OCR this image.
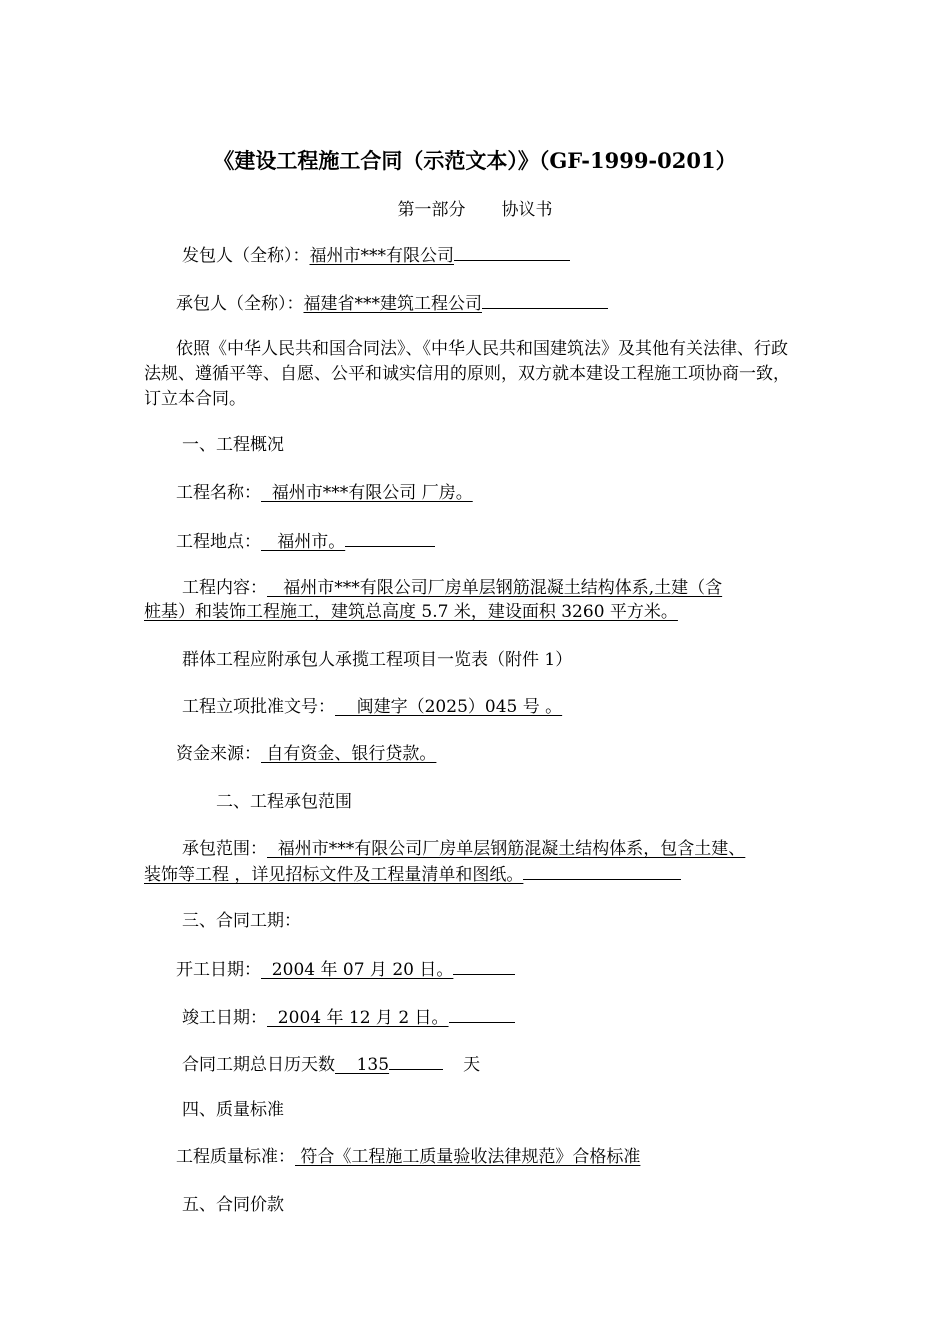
《建设工程施工合同（示范文本）》（GF-1999-0201）
第一部分 协议书
发包人（全称）：福州市***有限公司
承包人（全称）：福建省***建筑工程公司
依照《中华人民共和国合同法》、《中华人民共和国建筑法》及其他有关法律、行政法规、遵循平等、自愿、公平和诚实信用的原则，双方就本建设工程施工项协商一致，订立本合同。
一、工程概况
工程名称：  福州市***有限公司 厂房。
工程地点：   福州市。
工程内容：   福州市***有限公司厂房单层钢筋混凝土结构体系,土建（含
桩基）和装饰工程施工，建筑总高度 5.7 米，建设面积 3260 平方米。
群体工程应附承包人承揽工程项目一览表（附件 1）
工程立项批准文号：    闽建字（2025）045 号 。
资金来源： 自有资金、银行贷款。
二、工程承包范围
承包范围：  福州市***有限公司厂房单层钢筋混凝土结构体系，包含土建、
装饰等工程 ，详见招标文件及工程量清单和图纸。
三、合同工期：
开工日期：  2004 年 07 月 20 日。
竣工日期：  2004 年 12 月 2 日。
合同工期总日历天数    135	天
四、质量标准
工程质量标准： 符合《工程施工质量验收法律规范》合格标准
五、合同价款
